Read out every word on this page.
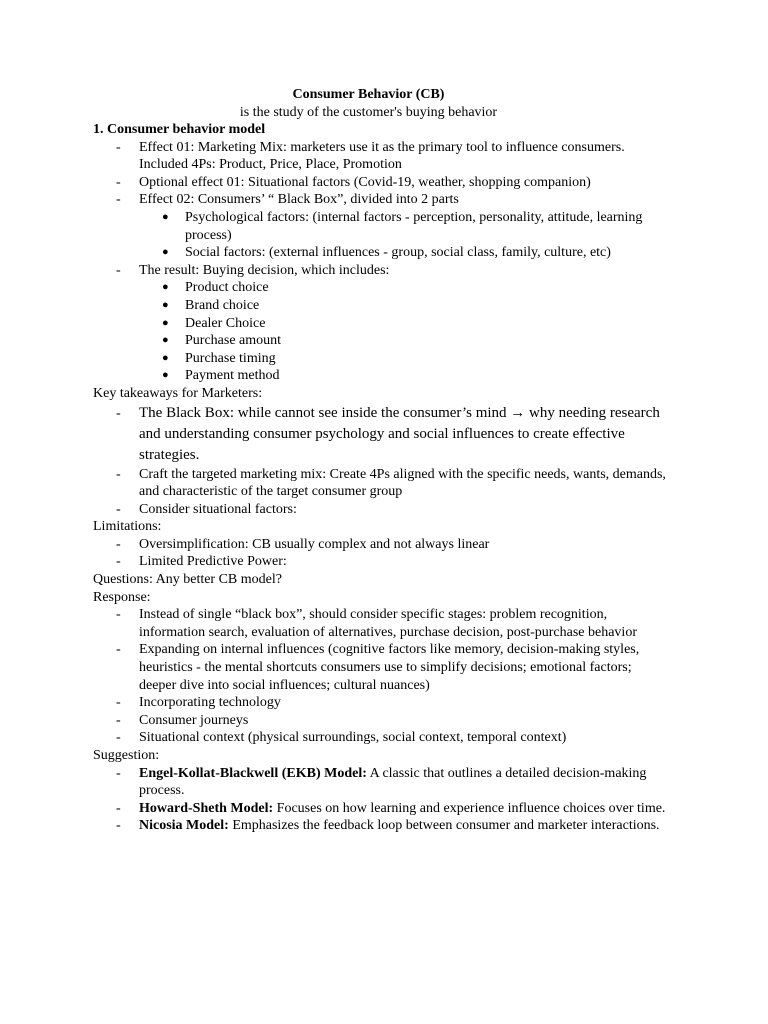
Consumer Behavior (CB)
is the study of the customer's buying behavior
1. Consumer behavior model
- Effect 01: Marketing Mix: marketers use it as the primary tool to influence consumers.
Included 4Ps: Product, Price, Place, Promotion
- Optional effect 01: Situational factors (Covid-19, weather, shopping companion)
- Effect 02: Consumers’ “ Black Box”, divided into 2 parts
● Psychological factors: (internal factors - perception, personality, attitude, learning
process)
● Social factors: (external influences - group, social class, family, culture, etc)
- The result: Buying decision, which includes:
● Product choice
● Brand choice
● Dealer Choice
● Purchase amount
● Purchase timing
● Payment method
Key takeaways for Marketers:
- The Black Box: while cannot see inside the consumer’s mind → why needing research
and understanding consumer psychology and social influences to create effective
strategies.
- Craft the targeted marketing mix: Create 4Ps aligned with the specific needs, wants, demands,
and characteristic of the target consumer group
- Consider situational factors:
Limitations:
- Oversimplification: CB usually complex and not always linear
- Limited Predictive Power:
Questions: Any better CB model?
Response:
- Instead of single “black box”, should consider specific stages: problem recognition,
information search, evaluation of alternatives, purchase decision, post-purchase behavior
- Expanding on internal influences (cognitive factors like memory, decision-making styles,
heuristics - the mental shortcuts consumers use to simplify decisions; emotional factors;
deeper dive into social influences; cultural nuances)
- Incorporating technology
- Consumer journeys
- Situational context (physical surroundings, social context, temporal context)
Suggestion:
- Engel-Kollat-Blackwell (EKB) Model: A classic that outlines a detailed decision-making
process.
- Howard-Sheth Model: Focuses on how learning and experience influence choices over time.
- Nicosia Model: Emphasizes the feedback loop between consumer and marketer interactions.
